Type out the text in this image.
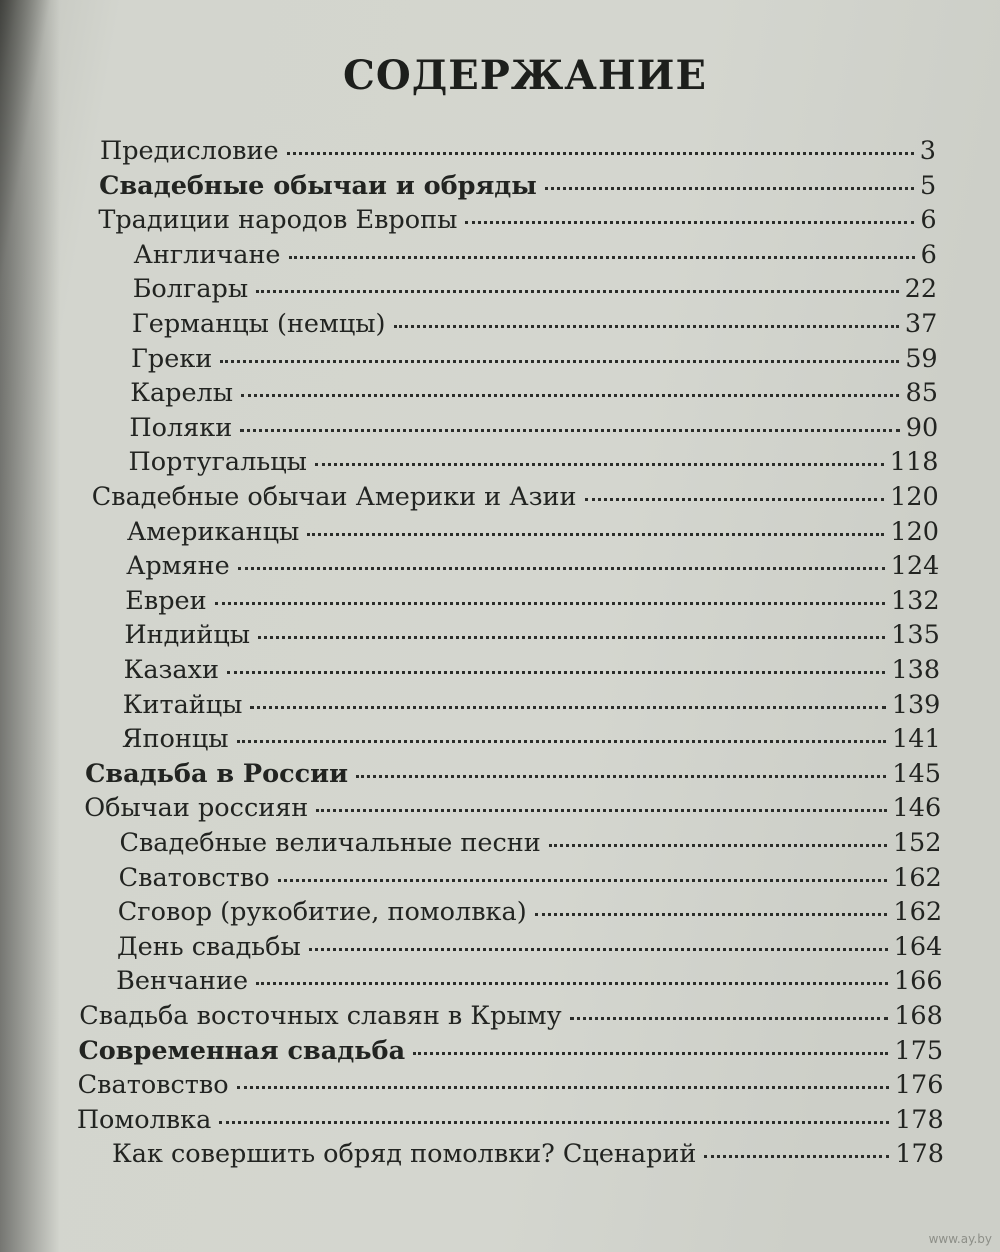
СОДЕРЖАНИЕ
Предисловие	3
Свадебные обычаи и обряды	5
Традиции народов Европы	6
Англичане	6
Болгары	22
Германцы (немцы)	37
Греки	59
Карелы	85
Поляки	90
Португальцы	118
Свадебные обычаи Америки и Азии	120
Американцы	120
Армяне	124
Евреи	132
Индийцы	135
Казахи	138
Китайцы	139
Японцы	141
Свадьба в России	145
Обычаи россиян	146
Свадебные величальные песни	152
Сватовство	162
Сговор (рукобитие, помолвка)	162
День свадьбы	164
Венчание	166
Свадьба восточных славян в Крыму	168
Современная свадьба	175
Сватовство	176
Помолвка	178
Как совершить обряд помолвки? Сценарий	178
www.ay.by
